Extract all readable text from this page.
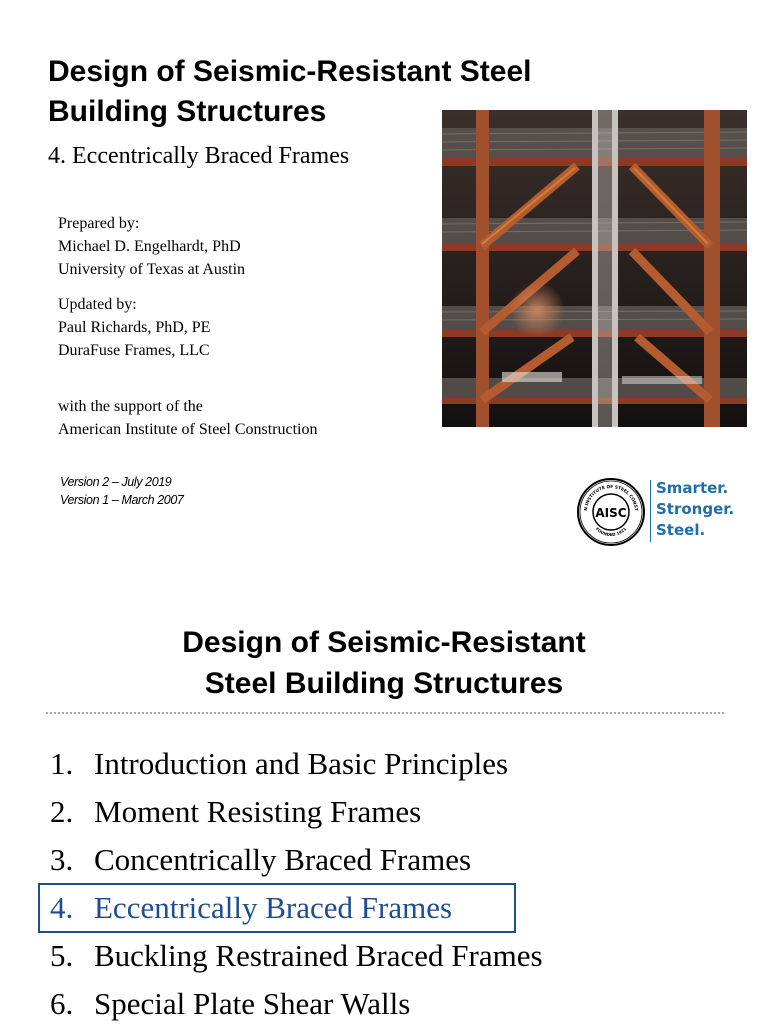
Design of Seismic-Resistant Steel
Building Structures
4. Eccentrically Braced Frames
Prepared by:
Michael D. Engelhardt, PhD
University of Texas at Austin
Updated by:
Paul Richards, PhD, PE
DuraFuse Frames, LLC
with the support of the
American Institute of Steel Construction
Version 2 – July 2019
Version 1 – March 2007
N INSTITUTE OF STEEL CONST
FOUNDED 1921
AISC
Smarter.
Stronger.
Steel.
Design of Seismic-Resistant
Steel Building Structures
1. Introduction and Basic Principles
2. Moment Resisting Frames
3. Concentrically Braced Frames
4. Eccentrically Braced Frames
5. Buckling Restrained Braced Frames
6. Special Plate Shear Walls
